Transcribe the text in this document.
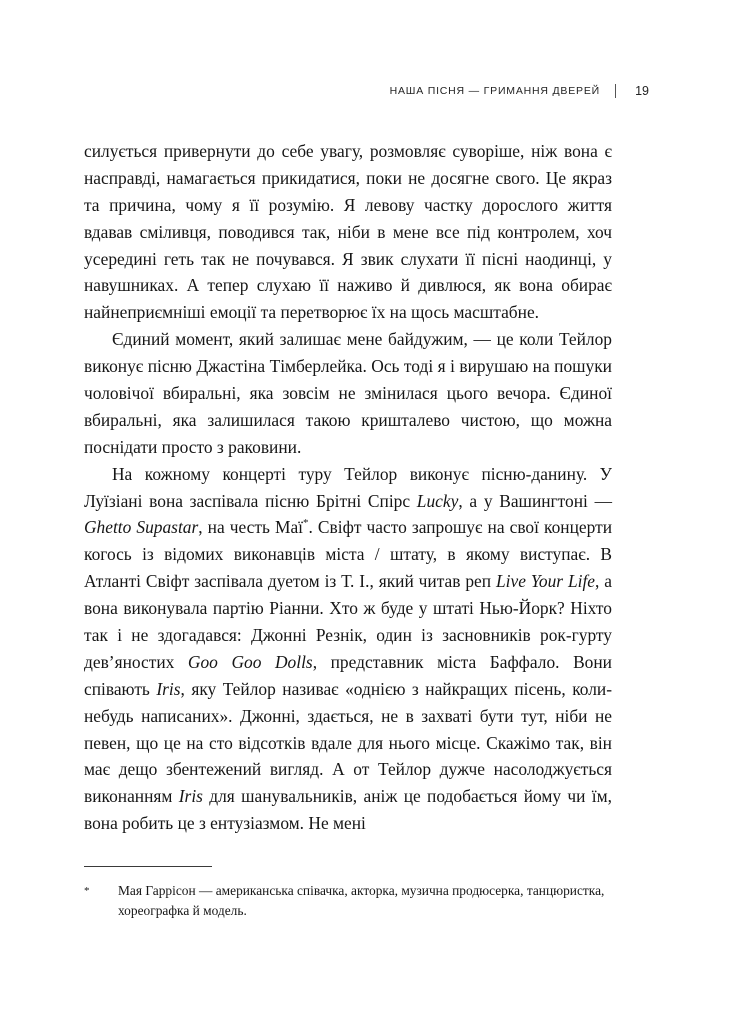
НАША ПІСНЯ — ГРИМАННЯ ДВЕРЕЙ	19

силується привернути до себе увагу, розмовляє суворіше, ніж вона є насправді, намагається прикидатися, поки не досягне свого. Це якраз та причина, чому я її розумію. Я левову частку дорослого життя вдавав сміливця, поводився так, ніби в мене все під контролем, хоч усередині геть так не почувався. Я звик слухати її пісні наодинці, у навушниках. А тепер слухаю її наживо й дивлюся, як вона обирає найнеприємніші емоції та перетворює їх на щось масштабне.

Єдиний момент, який залишає мене байдужим, — це коли Тейлор виконує пісню Джастіна Тімберлейка. Ось тоді я і вирушаю на пошуки чоловічої вбиральні, яка зовсім не змінилася цього вечора. Єдиної вбиральні, яка залишилася такою кришталево чистою, що можна поснідати просто з раковини.

На кожному концерті туру Тейлор виконує пісню-данину. У Луїзіані вона заспівала пісню Брітні Спірс Lucky, а у Вашингтоні — Ghetto Supastar, на честь Маї*. Свіфт часто запрошує на свої концерти когось із відомих виконавців міста / штату, в якому виступає. В Атланті Свіфт заспівала дуетом із Т. І., який читав реп Live Your Life, а вона виконувала партію Ріанни. Хто ж буде у штаті Нью-Йорк? Ніхто так і не здогадався: Джонні Резнік, один із засновників рок-гурту дев’яностих Goo Goo Dolls, представник міста Баффало. Вони співають Iris, яку Тейлор називає «однією з найкращих пісень, коли-небудь написаних». Джонні, здається, не в захваті бути тут, ніби не певен, що це на сто відсотків вдале для нього місце. Скажімо так, він має дещо збентежений вигляд. А от Тейлор дужче насолоджується виконанням Iris для шанувальників, аніж це подобається йому чи їм, вона робить це з ентузіазмом. Не мені

*	Мая Гаррісон — американська співачка, акторка, музична продюсерка, танцюристка, хореографка й модель.
